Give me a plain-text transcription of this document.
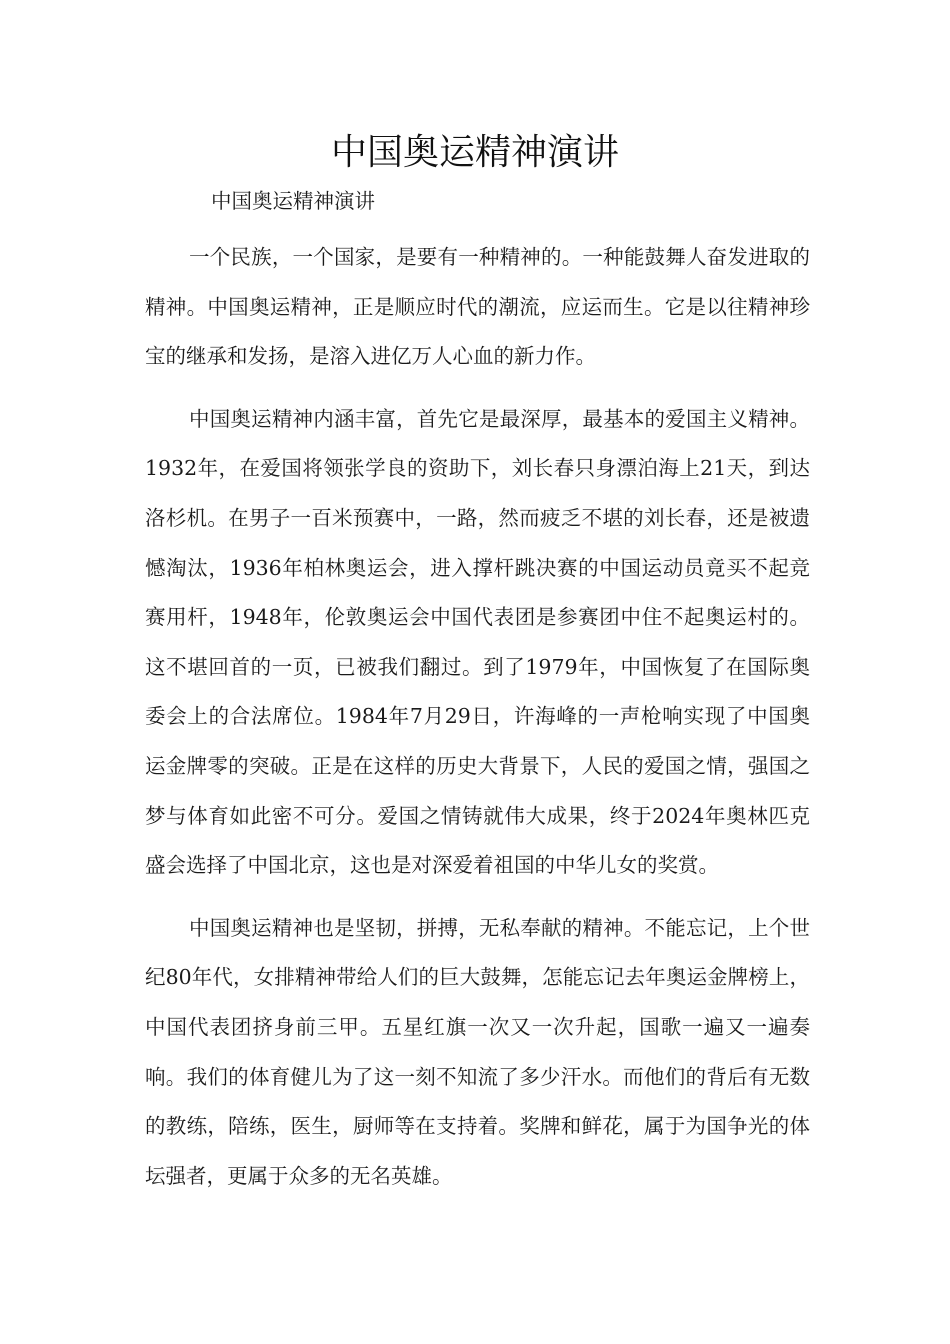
中国奥运精神演讲

中国奥运精神演讲

一个民族，一个国家，是要有一种精神的。一种能鼓舞人奋发进取的精神。中国奥运精神，正是顺应时代的潮流，应运而生。它是以往精神珍宝的继承和发扬，是溶入进亿万人心血的新力作。

中国奥运精神内涵丰富，首先它是最深厚，最基本的爱国主义精神。1932年，在爱国将领张学良的资助下，刘长春只身漂泊海上21天，到达洛杉机。在男子一百米预赛中，一路，然而疲乏不堪的刘长春，还是被遗憾淘汰，1936年柏林奥运会，进入撑杆跳决赛的中国运动员竟买不起竞赛用杆，1948年，伦敦奥运会中国代表团是参赛团中住不起奥运村的。这不堪回首的一页，已被我们翻过。到了1979年，中国恢复了在国际奥委会上的合法席位。1984年7月29日，许海峰的一声枪响实现了中国奥运金牌零的突破。正是在这样的历史大背景下，人民的爱国之情，强国之梦与体育如此密不可分。爱国之情铸就伟大成果，终于2024年奥林匹克盛会选择了中国北京，这也是对深爱着祖国的中华儿女的奖赏。

中国奥运精神也是坚韧，拼搏，无私奉献的精神。不能忘记，上个世纪80年代，女排精神带给人们的巨大鼓舞，怎能忘记去年奥运金牌榜上，中国代表团挤身前三甲。五星红旗一次又一次升起，国歌一遍又一遍奏响。我们的体育健儿为了这一刻不知流了多少汗水。而他们的背后有无数的教练，陪练，医生，厨师等在支持着。奖牌和鲜花，属于为国争光的体坛强者，更属于众多的无名英雄。
